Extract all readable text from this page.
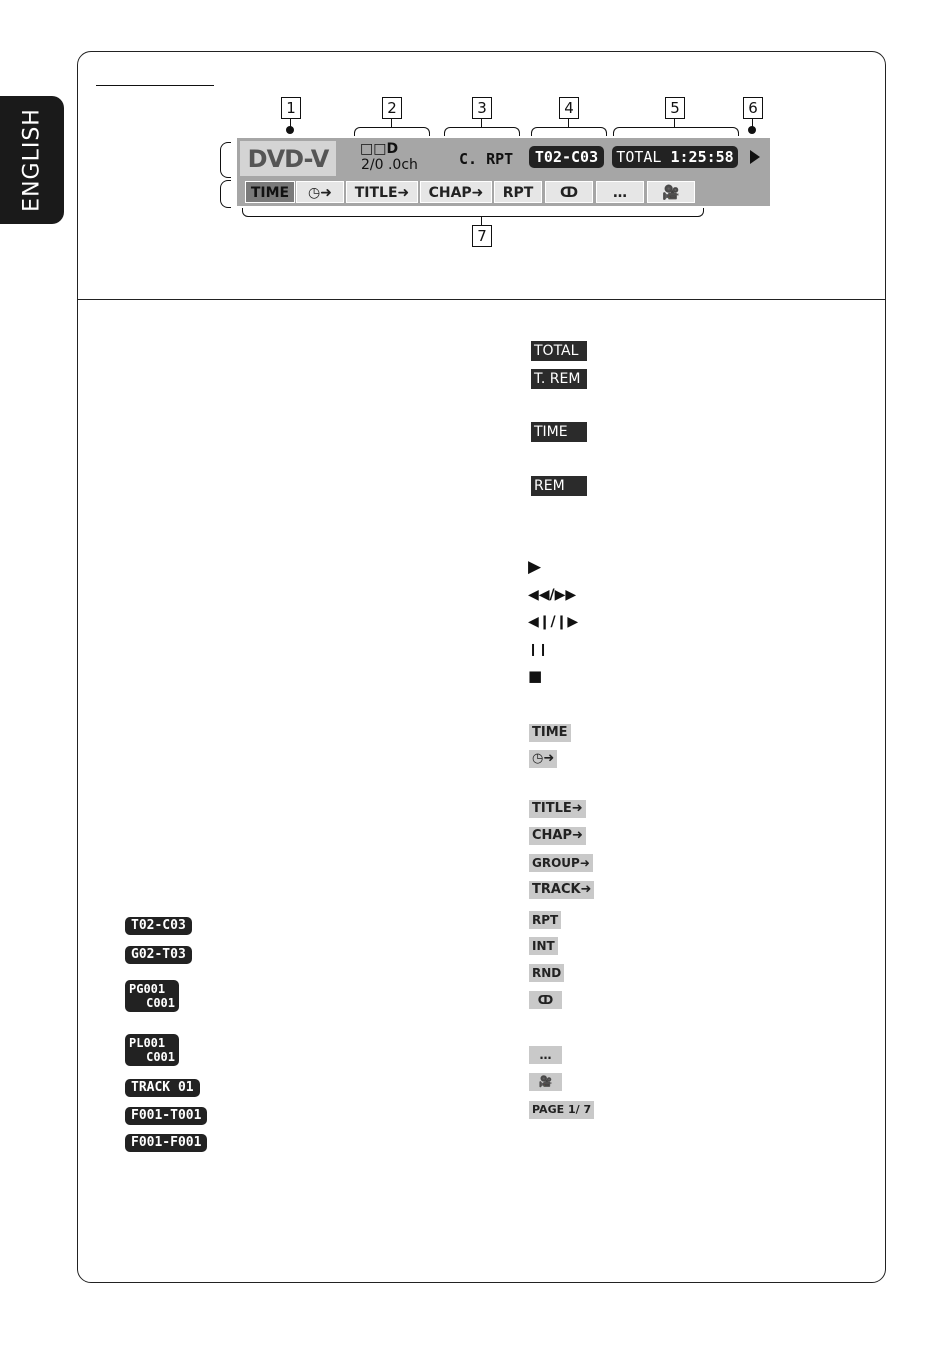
ENGLISH
1	2	3	4	5	6
7
DVD-V	□□D
2/0 .0ch	C. RPT	T02-C03	TOTAL 1:25:58
TIME	◷➜	TITLE➜	CHAP➜	RPT	ↀ	…	🎥
T02-C03
G02-T03
PG001
C001
PL001
C001
TRACK 01
F001-T001
F001-F001
TOTAL
T. REM
TIME
REM
▶
◀◀/▶▶
◀❙/❙▶
❙❙
■
TIME
◷➜
TITLE➜
CHAP➜
GROUP➜
TRACK➜
RPT
INT
RND
ↀ
…
🎥
PAGE 1/ 7
